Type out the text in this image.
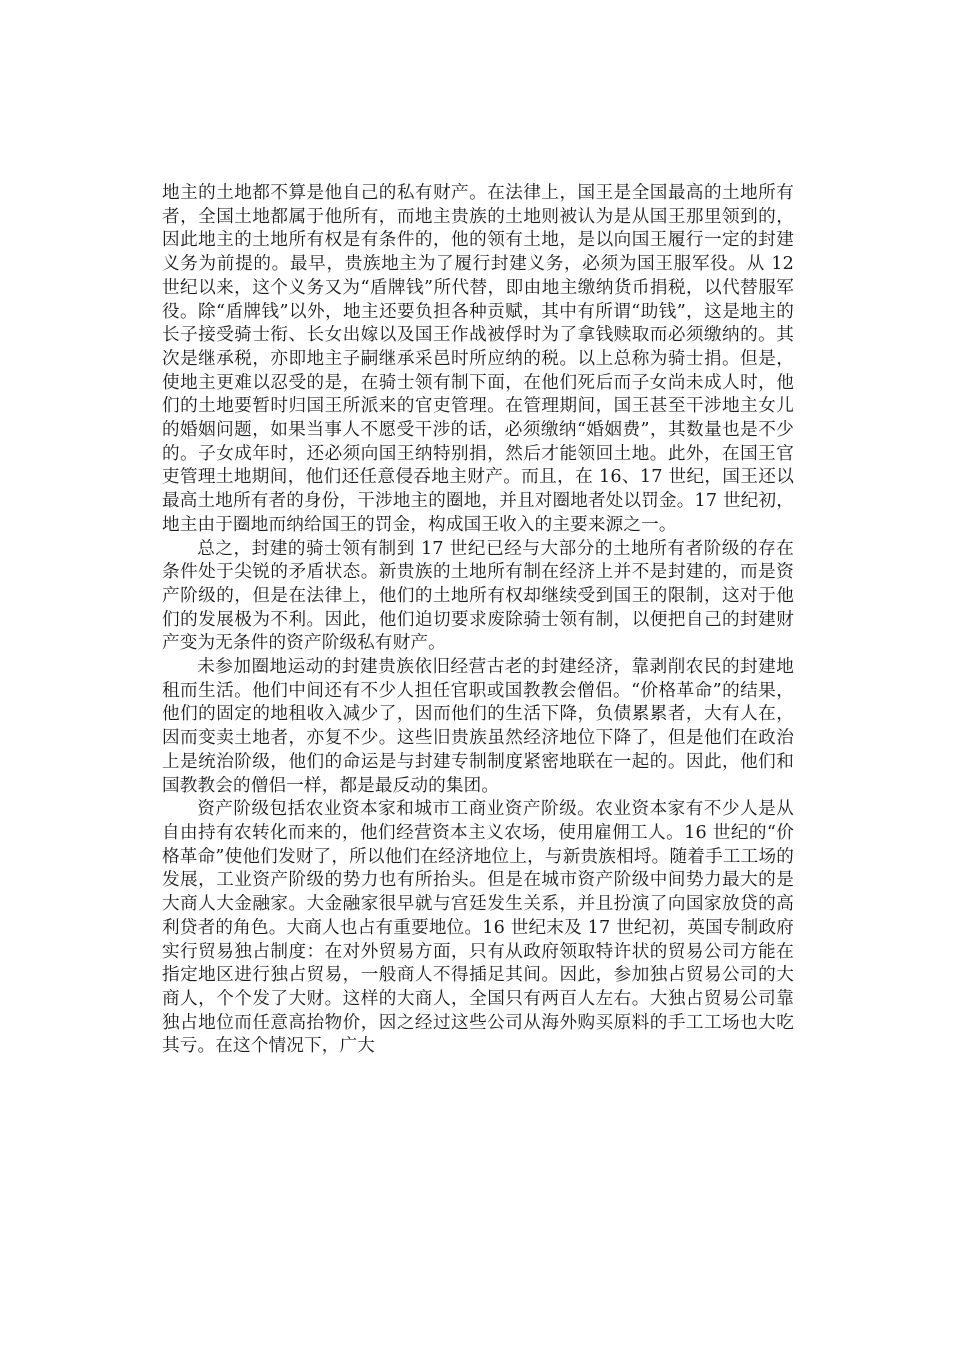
地主的土地都不算是他自己的私有财产。在法律上，国王是全国最高的土地所有者，全国土地都属于他所有，而地主贵族的土地则被认为是从国王那里领到的，因此地主的土地所有权是有条件的，他的领有土地，是以向国王履行一定的封建义务为前提的。最早，贵族地主为了履行封建义务，必须为国王服军役。从 12 世纪以来，这个义务又为“盾牌钱”所代替，即由地主缴纳货币捐税，以代替服军役。除“盾牌钱”以外，地主还要负担各种贡赋，其中有所谓“助钱”，这是地主的长子接受骑士衔、长女出嫁以及国王作战被俘时为了拿钱赎取而必须缴纳的。其次是继承税，亦即地主子嗣继承采邑时所应纳的税。以上总称为骑士捐。但是，使地主更难以忍受的是，在骑士领有制下面，在他们死后而子女尚未成人时，他们的土地要暂时归国王所派来的官吏管理。在管理期间，国王甚至干涉地主女儿的婚姻问题，如果当事人不愿受干涉的话，必须缴纳“婚姻费”，其数量也是不少的。子女成年时，还必须向国王纳特别捐，然后才能领回土地。此外，在国王官吏管理土地期间，他们还任意侵吞地主财产。而且，在 16、17 世纪，国王还以最高土地所有者的身份，干涉地主的圈地，并且对圈地者处以罚金。17 世纪初，地主由于圈地而纳给国王的罚金，构成国王收入的主要来源之一。

总之，封建的骑士领有制到 17 世纪已经与大部分的土地所有者阶级的存在条件处于尖锐的矛盾状态。新贵族的土地所有制在经济上并不是封建的，而是资产阶级的，但是在法律上，他们的土地所有权却继续受到国王的限制，这对于他们的发展极为不利。因此，他们迫切要求废除骑士领有制，以便把自己的封建财产变为无条件的资产阶级私有财产。

未参加圈地运动的封建贵族依旧经营古老的封建经济，靠剥削农民的封建地租而生活。他们中间还有不少人担任官职或国教教会僧侣。“价格革命”的结果，他们的固定的地租收入减少了，因而他们的生活下降，负债累累者，大有人在，因而变卖土地者，亦复不少。这些旧贵族虽然经济地位下降了，但是他们在政治上是统治阶级，他们的命运是与封建专制制度紧密地联在一起的。因此，他们和国教教会的僧侣一样，都是最反动的集团。

资产阶级包括农业资本家和城市工商业资产阶级。农业资本家有不少人是从自由持有农转化而来的，他们经营资本主义农场，使用雇佣工人。16 世纪的“价格革命”使他们发财了，所以他们在经济地位上，与新贵族相埒。随着手工工场的发展，工业资产阶级的势力也有所抬头。但是在城市资产阶级中间势力最大的是大商人大金融家。大金融家很早就与宫廷发生关系，并且扮演了向国家放贷的高利贷者的角色。大商人也占有重要地位。16 世纪末及 17 世纪初，英国专制政府实行贸易独占制度：在对外贸易方面，只有从政府领取特许状的贸易公司方能在指定地区进行独占贸易，一般商人不得插足其间。因此，参加独占贸易公司的大商人，个个发了大财。这样的大商人，全国只有两百人左右。大独占贸易公司靠独占地位而任意高抬物价，因之经过这些公司从海外购买原料的手工工场也大吃其亏。在这个情况下，广大
